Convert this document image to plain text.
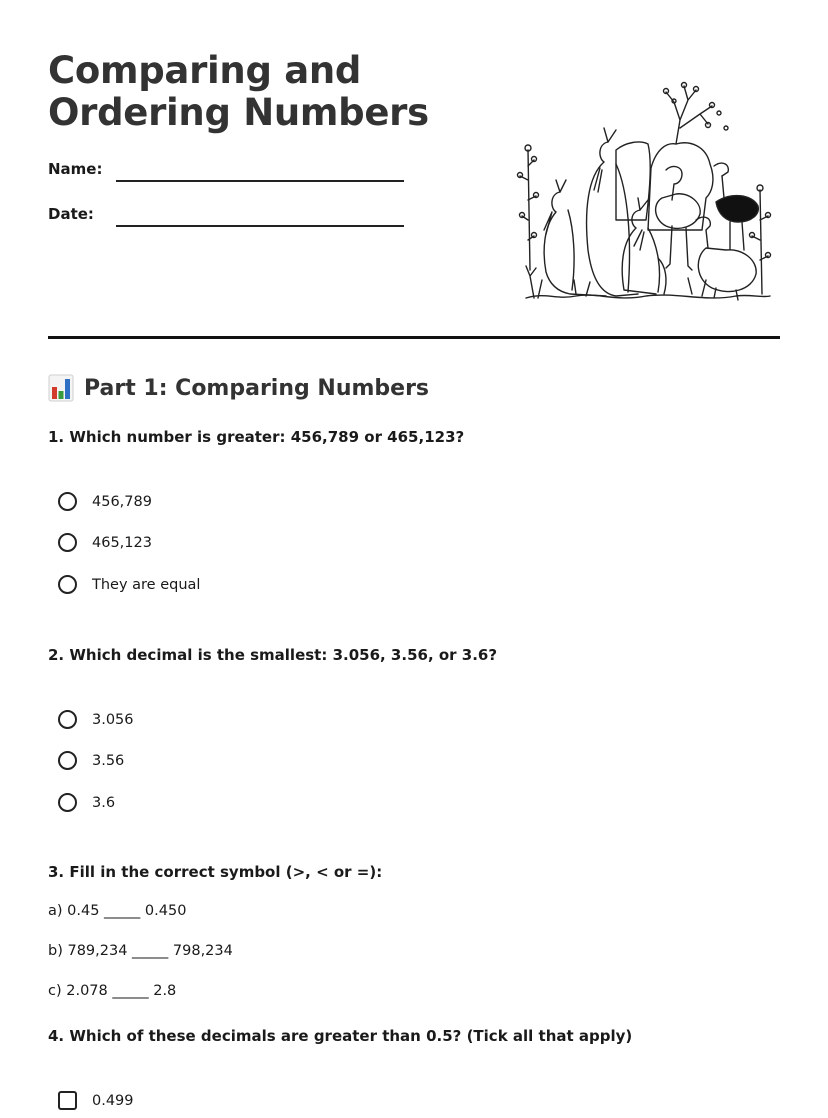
Comparing and
Ordering Numbers
Name:
Date:
Part 1: Comparing Numbers
1. Which number is greater: 456,789 or 465,123?
456,789
465,123
They are equal
2. Which decimal is the smallest: 3.056, 3.56, or 3.6?
3.056
3.56
3.6
3. Fill in the correct symbol (>, < or =):
a) 0.45 _____ 0.450
b) 789,234 _____ 798,234
c) 2.078 _____ 2.8
4. Which of these decimals are greater than 0.5? (Tick all that apply)
0.499
